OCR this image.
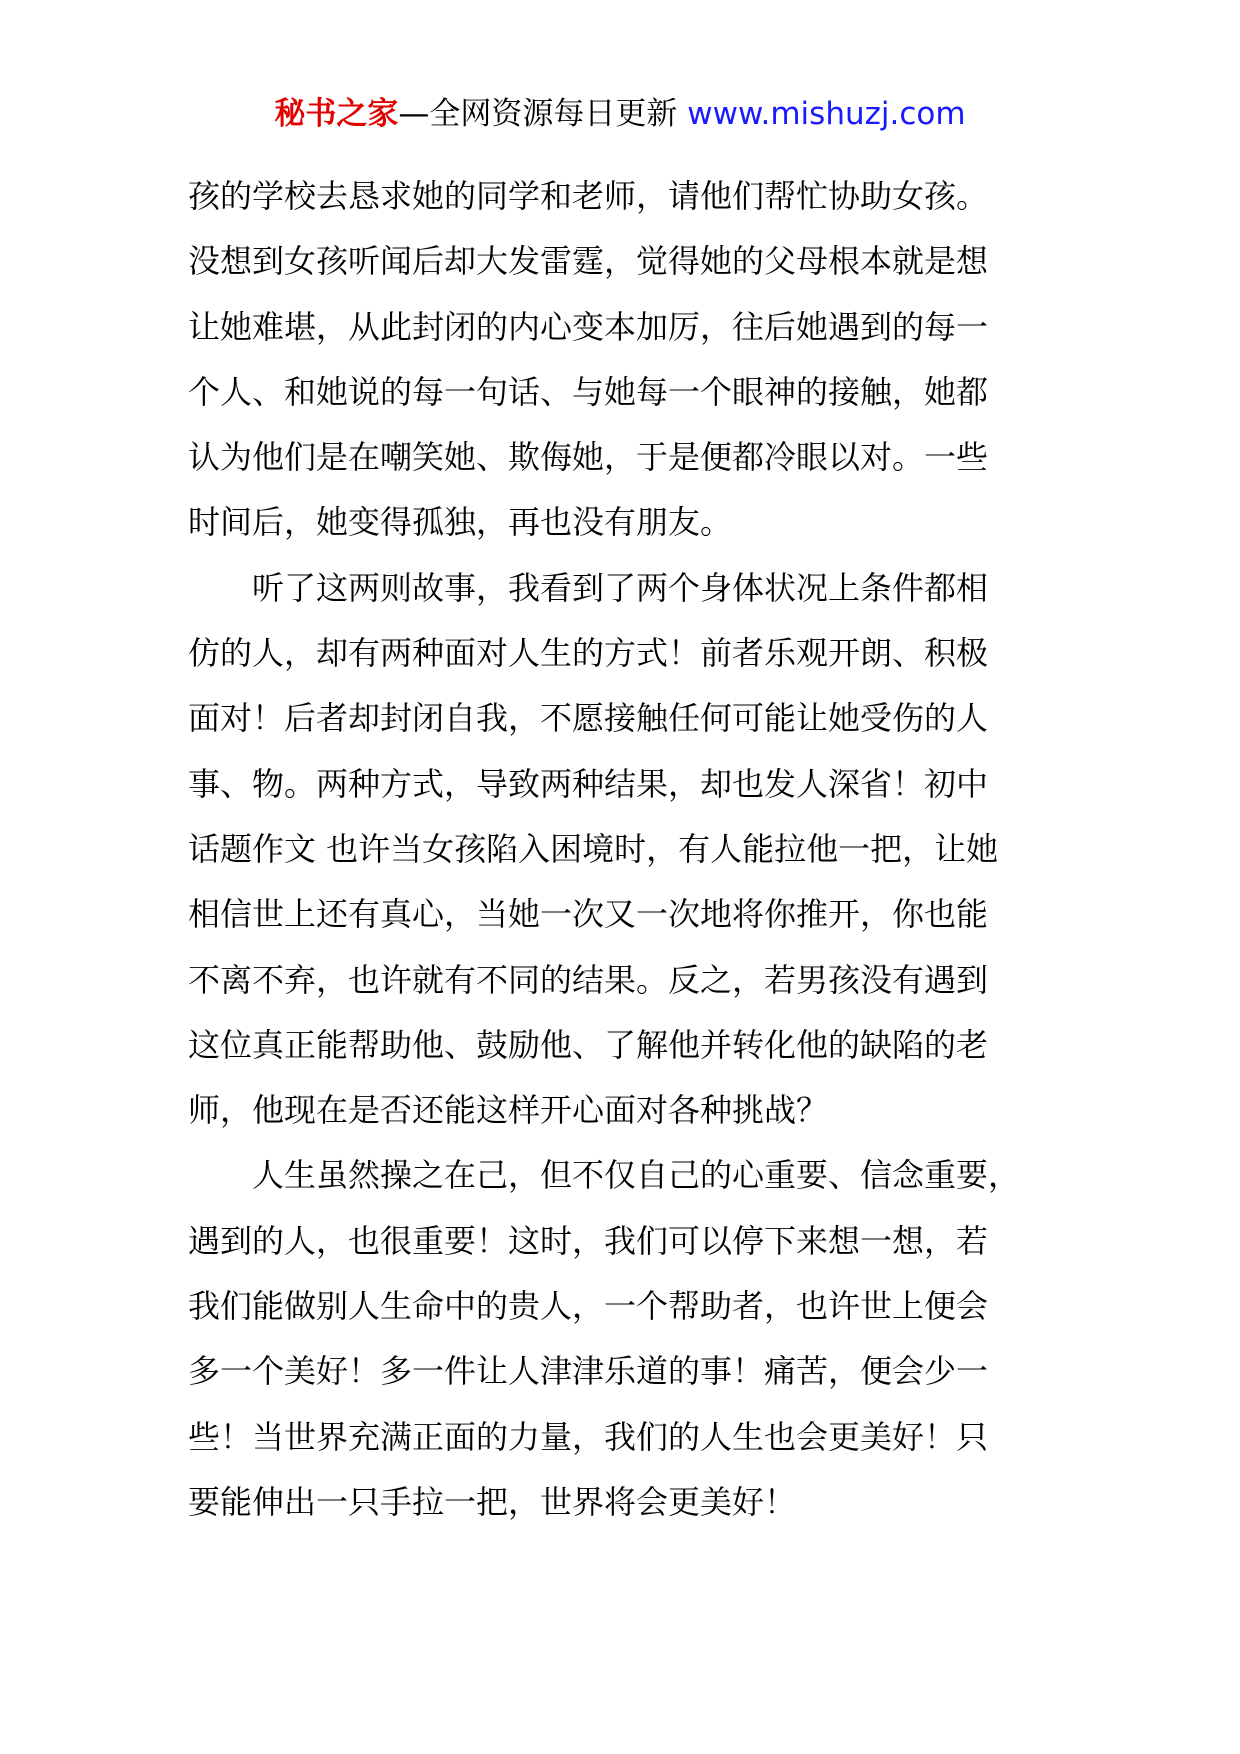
秘书之家—全网资源每日更新 www.mishuzj.com
孩的学校去恳求她的同学和老师，请他们帮忙协助女孩。
没想到女孩听闻后却大发雷霆，觉得她的父母根本就是想
让她难堪，从此封闭的内心变本加厉，往后她遇到的每一
个人、和她说的每一句话、与她每一个眼神的接触，她都
认为他们是在嘲笑她、欺侮她，于是便都冷眼以对。一些
时间后，她变得孤独，再也没有朋友。
听了这两则故事，我看到了两个身体状况上条件都相
仿的人，却有两种面对人生的方式！前者乐观开朗、积极
面对！后者却封闭自我，不愿接触任何可能让她受伤的人
事、物。两种方式，导致两种结果，却也发人深省！初中
话题作文 也许当女孩陷入困境时，有人能拉他一把，让她
相信世上还有真心，当她一次又一次地将你推开，你也能
不离不弃，也许就有不同的结果。反之，若男孩没有遇到
这位真正能帮助他、鼓励他、了解他并转化他的缺陷的老
师，他现在是否还能这样开心面对各种挑战？
人生虽然操之在己，但不仅自己的心重要、信念重要，
遇到的人，也很重要！这时，我们可以停下来想一想，若
我们能做别人生命中的贵人，一个帮助者，也许世上便会
多一个美好！多一件让人津津乐道的事！痛苦，便会少一
些！当世界充满正面的力量，我们的人生也会更美好！只
要能伸出一只手拉一把，世界将会更美好！
